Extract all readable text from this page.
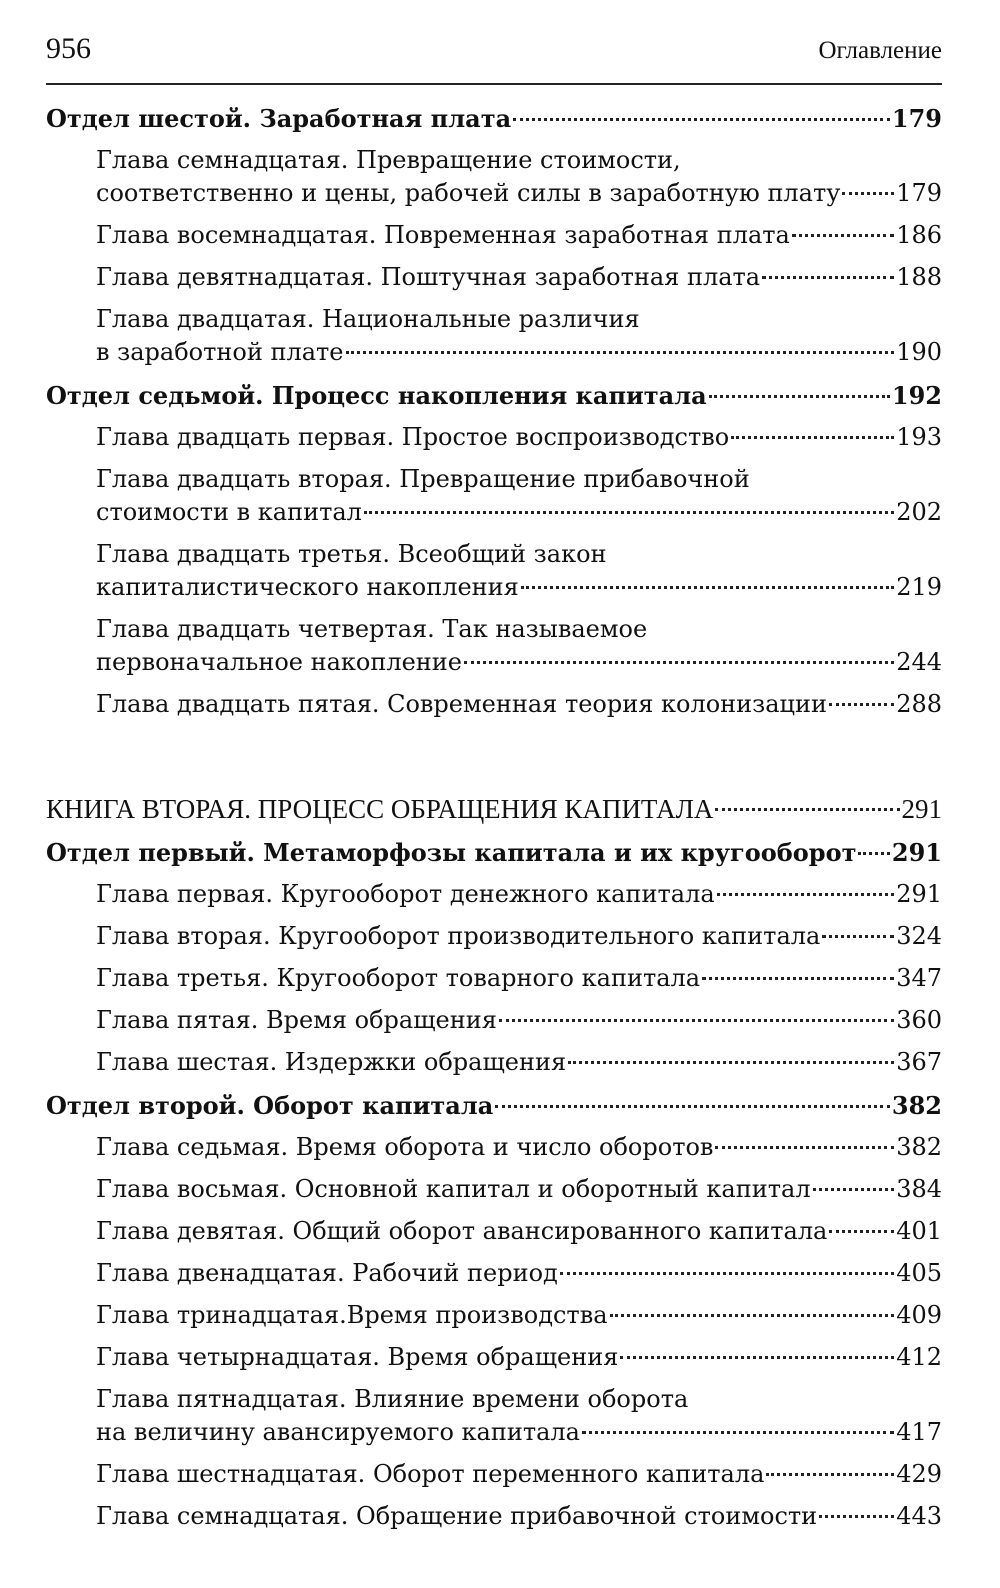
956	Оглавление
Отдел шестой. Заработная плата	179
Глава семнадцатая. Превращение стоимости,
соответственно и цены, рабочей силы в заработную плату 179
Глава восемнадцатая. Повременная заработная плата	186
Глава девятнадцатая. Поштучная заработная плата	188
Глава двадцатая. Национальные различия
в заработной плате	190
Отдел седьмой. Процесс накопления капитала	192
Глава двадцать первая. Простое воспроизводство	193
Глава двадцать вторая. Превращение прибавочной
стоимости в капитал	202
Глава двадцать третья. Всеобщий закон
капиталистического накопления	219
Глава двадцать четвертая. Так называемое
первоначальное накопление	244
Глава двадцать пятая. Современная теория колонизации	288
КНИГА ВТОРАЯ. ПРОЦЕСС ОБРАЩЕНИЯ КАПИТАЛА	291
Отдел первый. Метаморфозы капитала и их кругооборот 291
Глава первая. Кругооборот денежного капитала	291
Глава вторая. Кругооборот производительного капитала	324
Глава третья. Кругооборот товарного капитала	347
Глава пятая. Время обращения	360
Глава шестая. Издержки обращения	367
Отдел второй. Оборот капитала	382
Глава седьмая. Время оборота и число оборотов	382
Глава восьмая. Основной капитал и оборотный капитал	384
Глава девятая. Общий оборот авансированного капитала	401
Глава двенадцатая. Рабочий период	405
Глава тринадцатая.Время производства	409
Глава четырнадцатая. Время обращения	412
Глава пятнадцатая. Влияние времени оборота
на величину авансируемого капитала	417
Глава шестнадцатая. Оборот переменного капитала	429
Глава семнадцатая. Обращение прибавочной стоимости	443
